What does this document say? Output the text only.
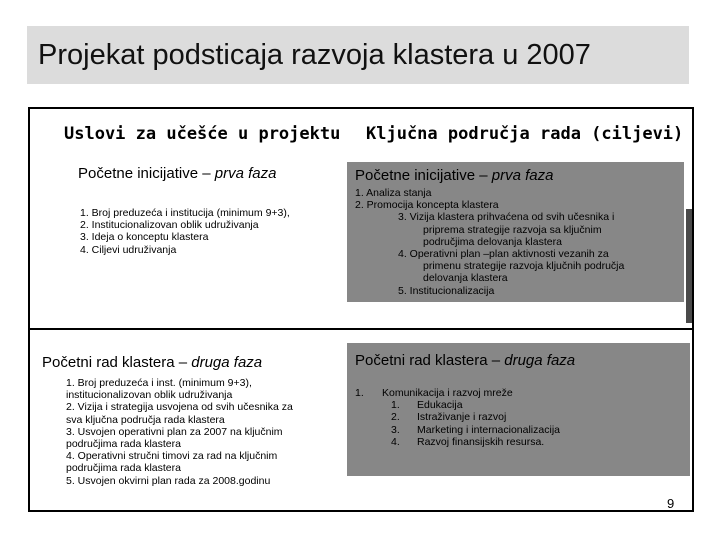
Projekat podsticaja razvoja klastera u 2007
Uslovi za učešće u projektu Ključna područja rada (ciljevi)
Početne inicijative – prva faza	Početne inicijative – prva faza
1. Broj preduzeća i institucija (minimum 9+3),
2. Institucionalizovan oblik udruživanja
3. Ideja o konceptu klastera
4. Ciljevi udruživanja
1. Analiza stanja
2. Promocija koncepta klastera
3. Vizija klastera prihvaćena od svih učesnika i
pripremа strategije razvoja sa ključnim
područjima delovanja klastera
4. Operativni plan –plan aktivnosti vezanih za
primenu strategije razvoja ključnih područja
delovanja klastera
5. Institucionalizacija
Početni rad klastera – druga faza	Početni rad klastera – druga faza
1. Broj preduzeća i inst. (minimum 9+3),
institucionalizovan oblik udruživanja
2. Vizija i strategija usvojena od svih učesnika za
sva ključna područja rada klastera
3. Usvojen operativni plan za 2007 na ključnim
područjima rada klastera
4. Operativni stručni timovi za rad na ključnim
područjima rada klastera
5. Usvojen okvirni plan rada za 2008.godinu
1. Komunikacija i razvoj mreže
1. Edukacija
2. Istraživanje i razvoj
3. Marketing i internacionalizacija
4. Razvoj finansijskih resursa.
9
